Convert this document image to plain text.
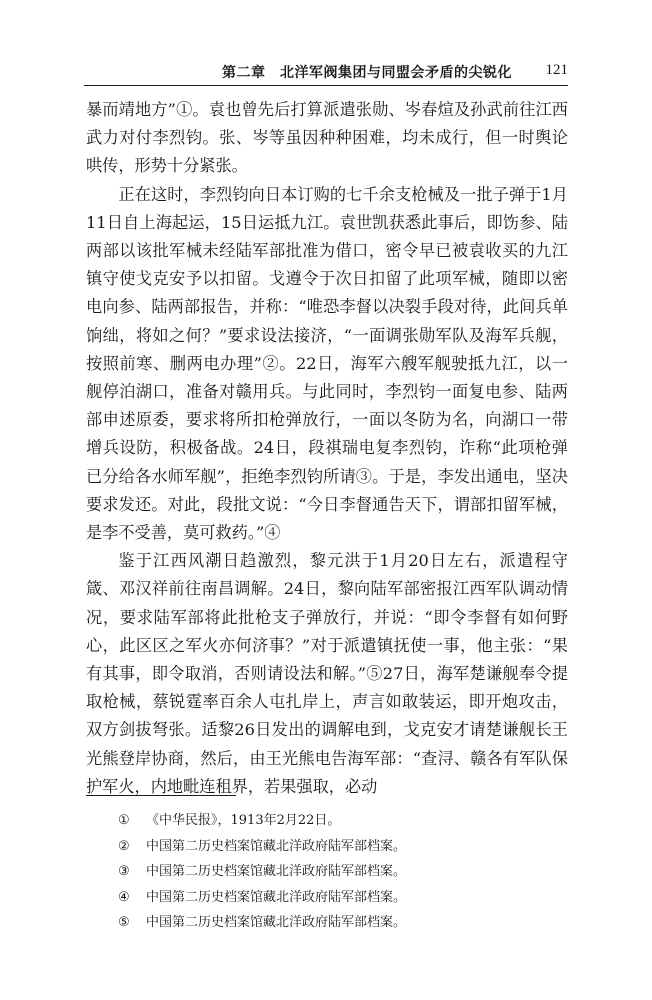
第二章　北洋军阀集团与同盟会矛盾的尖锐化 121

暴而靖地方”①。袁也曾先后打算派遣张勋、岑春煊及孙武前往江西武力对付李烈钧。张、岑等虽因种种困难，均未成行，但一时舆论哄传，形势十分紧张。

正在这时，李烈钧向日本订购的七千余支枪械及一批子弹于1月11日自上海起运，15日运抵九江。袁世凯获悉此事后，即饬参、陆两部以该批军械未经陆军部批准为借口，密令早已被袁收买的九江镇守使戈克安予以扣留。戈遵令于次日扣留了此项军械，随即以密电向参、陆两部报告，并称：“唯恐李督以决裂手段对待，此间兵单饷绌，将如之何？”要求设法接济，“一面调张勋军队及海军兵舰，按照前寒、删两电办理”②。22日，海军六艘军舰驶抵九江，以一舰停泊湖口，准备对赣用兵。与此同时，李烈钧一面复电参、陆两部申述原委，要求将所扣枪弹放行，一面以冬防为名，向湖口一带增兵设防，积极备战。24日，段祺瑞电复李烈钧，诈称“此项枪弹已分给各水师军舰”，拒绝李烈钧所请③。于是，李发出通电，坚决要求发还。对此，段批文说：“今日李督通告天下，谓部扣留军械，是李不受善，莫可救药。”④

鉴于江西风潮日趋激烈，黎元洪于1月20日左右，派遣程守箴、邓汉祥前往南昌调解。24日，黎向陆军部密报江西军队调动情况，要求陆军部将此批枪支子弹放行，并说：“即令李督有如何野心，此区区之军火亦何济事？”对于派遣镇抚使一事，他主张：“果有其事，即令取消，否则请设法和解。”⑤27日，海军楚谦舰奉令提取枪械，蔡锐霆率百余人屯扎岸上，声言如敢装运，即开炮攻击，双方剑拔弩张。适黎26日发出的调解电到，戈克安才请楚谦舰长王光熊登岸协商，然后，由王光熊电告海军部：“查浔、赣各有军队保护军火，内地毗连租界，若果强取，必动

① 《中华民报》，1913年2月22日。

② 中国第二历史档案馆藏北洋政府陆军部档案。

③ 中国第二历史档案馆藏北洋政府陆军部档案。

④ 中国第二历史档案馆藏北洋政府陆军部档案。

⑤ 中国第二历史档案馆藏北洋政府陆军部档案。
